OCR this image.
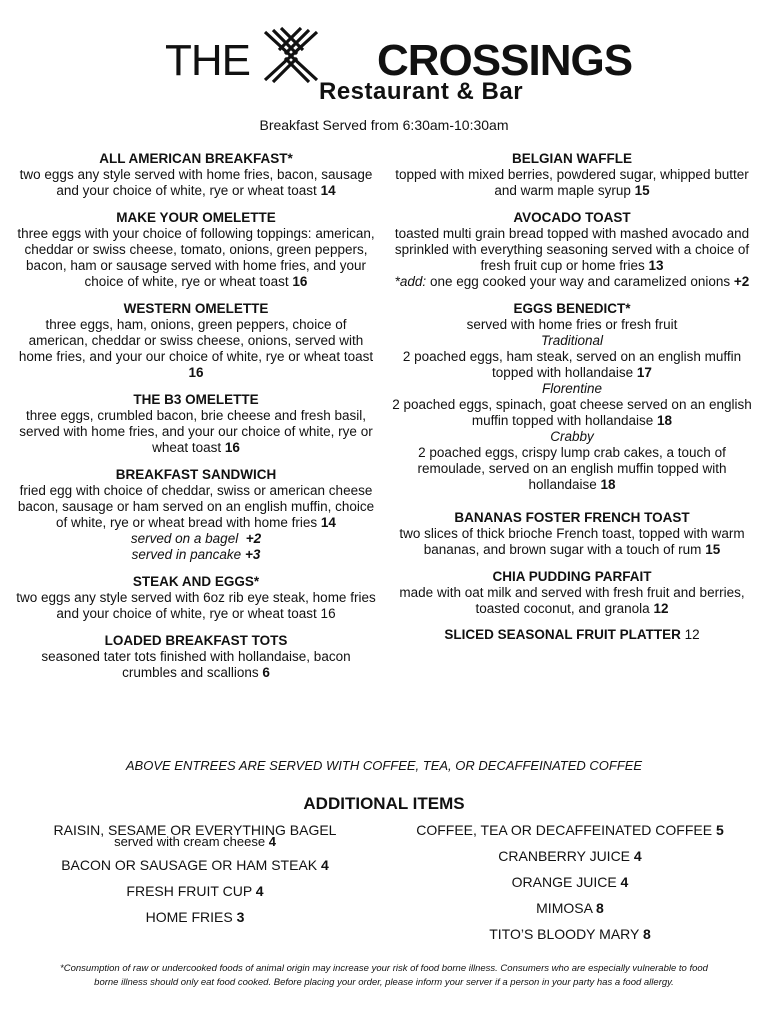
THE	CROSSINGS
Restaurant & Bar
Breakfast Served from 6:30am-10:30am
ALL AMERICAN BREAKFAST*
two eggs any style served with home fries, bacon, sausage and your choice of white, rye or wheat toast 14
MAKE YOUR OMELETTE
three eggs with your choice of following toppings: american, cheddar or swiss cheese, tomato, onions, green peppers, bacon, ham or sausage served with home fries, and your choice of white, rye or wheat toast 16
WESTERN OMELETTE
three eggs, ham, onions, green peppers, choice of american, cheddar or swiss cheese, onions, served with home fries, and your our choice of white, rye or wheat toast 16
THE B3 OMELETTE
three eggs, crumbled bacon, brie cheese and fresh basil, served with home fries, and your our choice of white, rye or wheat toast 16
BREAKFAST SANDWICH
fried egg with choice of cheddar, swiss or american cheese bacon, sausage or ham served on an english muffin, choice of white, rye or wheat bread with home fries 14
served on a bagel +2
served in pancake +3
STEAK AND EGGS*
two eggs any style served with 6oz rib eye steak, home fries and your choice of white, rye or wheat toast 16
LOADED BREAKFAST TOTS
seasoned tater tots finished with hollandaise, bacon crumbles and scallions 6
BELGIAN WAFFLE
topped with mixed berries, powdered sugar, whipped butter and warm maple syrup 15
AVOCADO TOAST
toasted multi grain bread topped with mashed avocado and sprinkled with everything seasoning served with a choice of fresh fruit cup or home fries 13
*add: one egg cooked your way and caramelized onions +2
EGGS BENEDICT*
served with home fries or fresh fruit
Traditional
2 poached eggs, ham steak, served on an english muffin topped with hollandaise 17
Florentine
2 poached eggs, spinach, goat cheese served on an english muffin topped with hollandaise 18
Crabby
2 poached eggs, crispy lump crab cakes, a touch of remoulade, served on an english muffin topped with hollandaise 18
BANANAS FOSTER FRENCH TOAST
two slices of thick brioche French toast, topped with warm bananas, and brown sugar with a touch of rum 15
CHIA PUDDING PARFAIT
made with oat milk and served with fresh fruit and berries, toasted coconut, and granola 12
SLICED SEASONAL FRUIT PLATTER 12
ABOVE ENTREES ARE SERVED WITH COFFEE, TEA, OR DECAFFEINATED COFFEE
ADDITIONAL ITEMS
RAISIN, SESAME OR EVERYTHING BAGEL
served with cream cheese 4
BACON OR SAUSAGE OR HAM STEAK 4
FRESH FRUIT CUP 4
HOME FRIES 3
COFFEE, TEA OR DECAFFEINATED COFFEE 5
CRANBERRY JUICE 4
ORANGE JUICE 4
MIMOSA 8
TITO’S BLOODY MARY 8
*Consumption of raw or undercooked foods of animal origin may increase your risk of food borne illness. Consumers who are especially vulnerable to food borne illness should only eat food cooked. Before placing your order, please inform your server if a person in your party has a food allergy.
